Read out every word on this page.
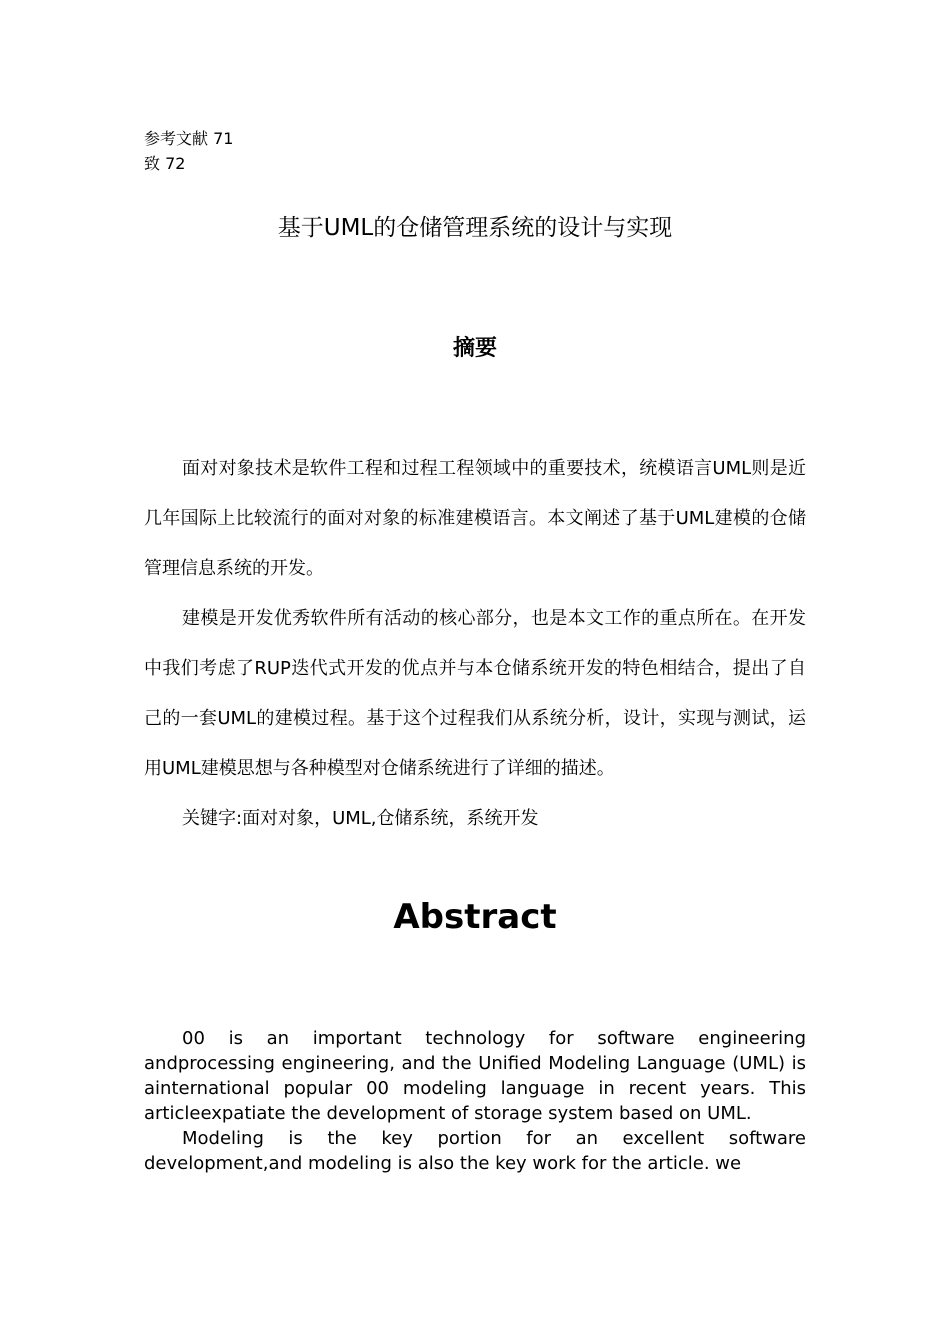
参考文献 71
致 72
基于UML的仓储管理系统的设计与实现
摘要

面对对象技术是软件工程和过程工程领域中的重要技术，统模语言UML则是近几年国际上比较流行的面对对象的标准建模语言。本文阐述了基于UML建模的仓储管理信息系统的开发。

建模是开发优秀软件所有活动的核心部分，也是本文工作的重点所在。在开发中我们考虑了RUP迭代式开发的优点并与本仓储系统开发的特色相结合，提出了自己的一套UML的建模过程。基于这个过程我们从系统分析，设计，实现与测试，运用UML建模思想与各种模型对仓储系统进行了详细的描述。

关键字:面对对象，UML,仓储系统，系统开发

Abstract

00 is an important technology for software engineering andprocessing engineering, and the Unified Modeling Language (UML) is ainternational popular 00 modeling language in recent years. This articleexpatiate the development of storage system based on UML.

Modeling is the key portion for an excellent software development,and modeling is also the key work for the article. we
